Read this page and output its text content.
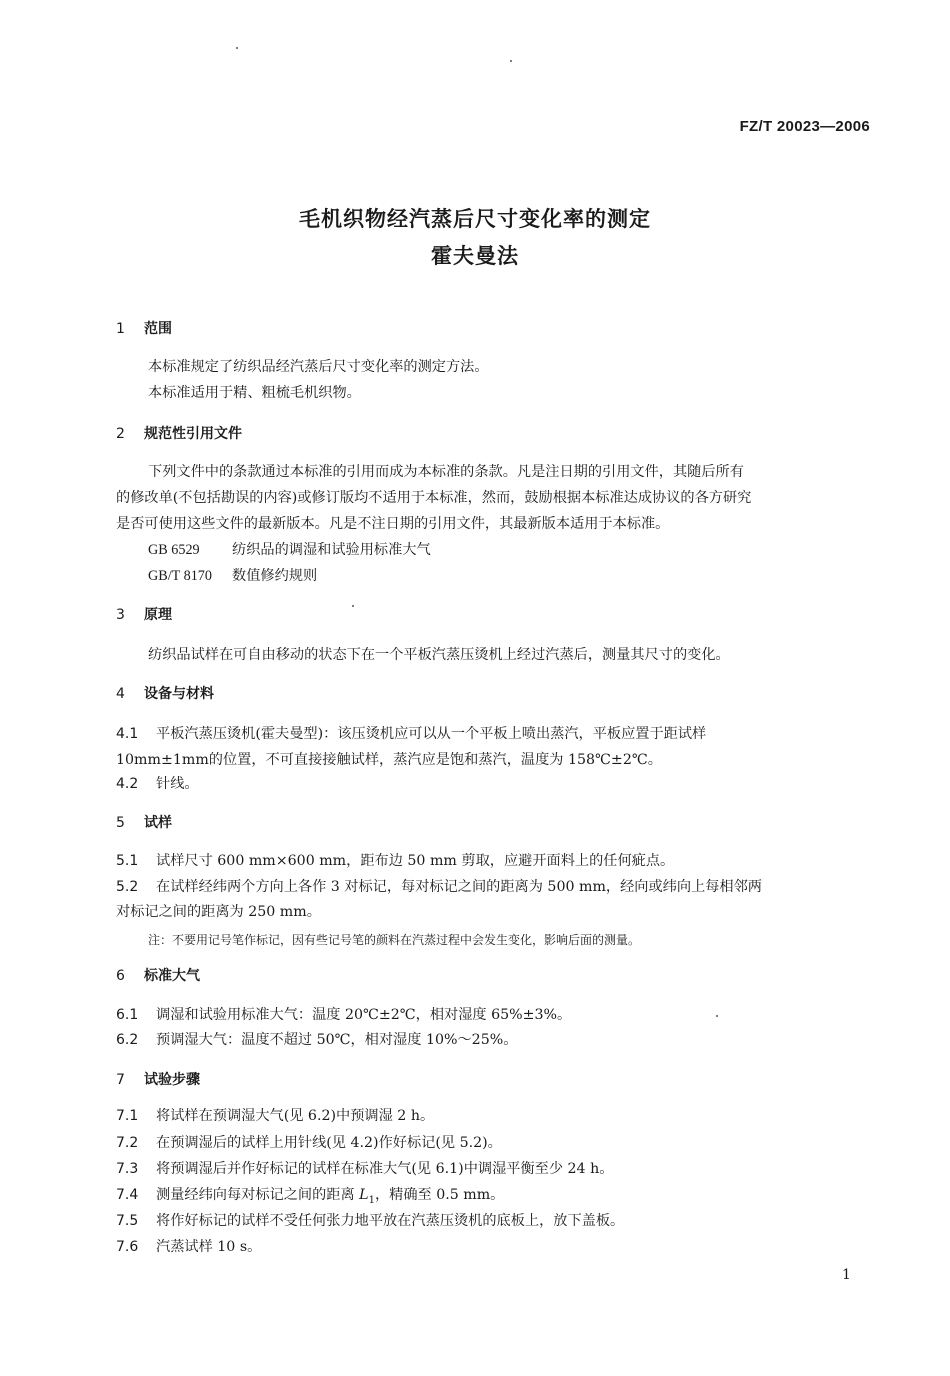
FZ/T 20023—2006
毛机织物经汽蒸后尺寸变化率的测定
霍夫曼法
1 范围
本标准规定了纺织品经汽蒸后尺寸变化率的测定方法。
本标准适用于精、粗梳毛机织物。
2 规范性引用文件
下列文件中的条款通过本标准的引用而成为本标准的条款。凡是注日期的引用文件，其随后所有
的修改单(不包括勘误的内容)或修订版均不适用于本标准，然而，鼓励根据本标准达成协议的各方研究
是否可使用这些文件的最新版本。凡是不注日期的引用文件，其最新版本适用于本标准。
GB 6529 纺织品的调湿和试验用标准大气
GB/T 8170 数值修约规则
3 原理
纺织品试样在可自由移动的状态下在一个平板汽蒸压烫机上经过汽蒸后，测量其尺寸的变化。
4 设备与材料
4.1 平板汽蒸压烫机(霍夫曼型)：该压烫机应可以从一个平板上喷出蒸汽，平板应置于距试样
10mm±1mm的位置，不可直接接触试样，蒸汽应是饱和蒸汽，温度为 158℃±2℃。
4.2 针线。
5 试样
5.1 试样尺寸 600 mm×600 mm，距布边 50 mm 剪取，应避开面料上的任何疵点。
5.2 在试样经纬两个方向上各作 3 对标记，每对标记之间的距离为 500 mm，经向或纬向上每相邻两
对标记之间的距离为 250 mm。
注：不要用记号笔作标记，因有些记号笔的颜料在汽蒸过程中会发生变化，影响后面的测量。
6 标准大气
6.1 调湿和试验用标准大气：温度 20℃±2℃，相对湿度 65%±3%。
6.2 预调湿大气：温度不超过 50℃，相对湿度 10%～25%。
7 试验步骤
7.1 将试样在预调湿大气(见 6.2)中预调湿 2 h。
7.2 在预调湿后的试样上用针线(见 4.2)作好标记(见 5.2)。
7.3 将预调湿后并作好标记的试样在标准大气(见 6.1)中调湿平衡至少 24 h。
7.4 测量经纬向每对标记之间的距离 $L_1$，精确至 0.5 mm。
7.5 将作好标记的试样不受任何张力地平放在汽蒸压烫机的底板上，放下盖板。
7.6 汽蒸试样 10 s。
1
